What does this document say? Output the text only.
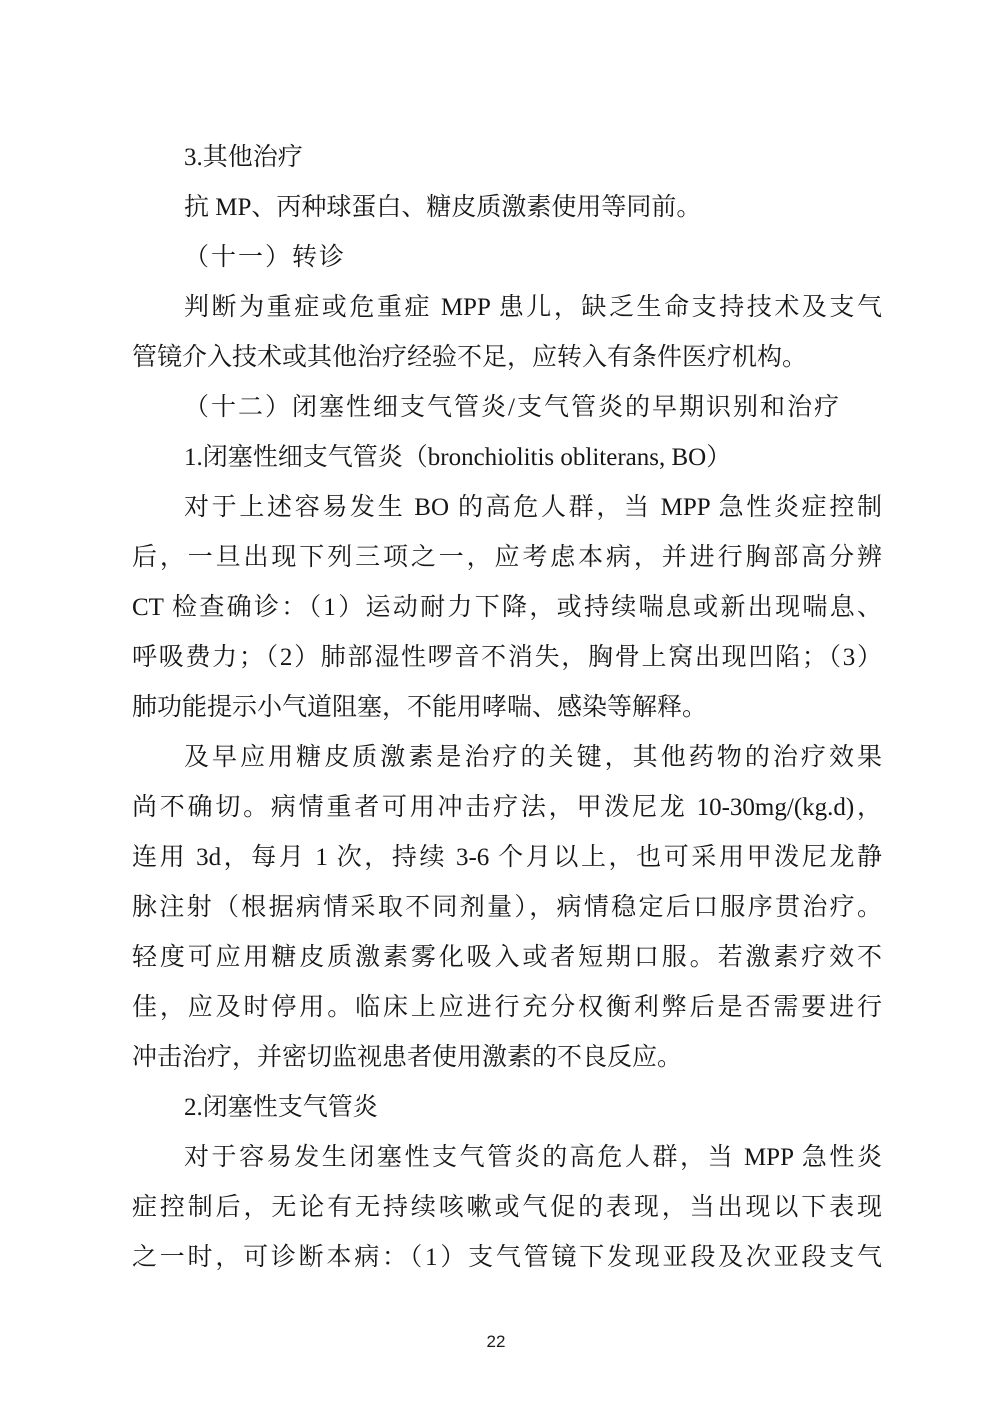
3.其他治疗

抗 MP、丙种球蛋白、糖皮质激素使用等同前。

（十一）转诊

判断为重症或危重症 MPP 患儿，缺乏生命支持技术及支气

管镜介入技术或其他治疗经验不足，应转入有条件医疗机构。

（十二）闭塞性细支气管炎/支气管炎的早期识别和治疗

1.闭塞性细支气管炎（bronchiolitis obliterans, BO）

对于上述容易发生 BO 的高危人群，当 MPP 急性炎症控制

后，一旦出现下列三项之一，应考虑本病，并进行胸部高分辨

CT 检查确诊：（1）运动耐力下降，或持续喘息或新出现喘息、

呼吸费力；（2）肺部湿性啰音不消失，胸骨上窝出现凹陷；（3）

肺功能提示小气道阻塞，不能用哮喘、感染等解释。

及早应用糖皮质激素是治疗的关键，其他药物的治疗效果

尚不确切。病情重者可用冲击疗法，甲泼尼龙 10-30mg/(kg.d)，

连用 3d，每月 1 次，持续 3-6 个月以上，也可采用甲泼尼龙静

脉注射（根据病情采取不同剂量），病情稳定后口服序贯治疗。

轻度可应用糖皮质激素雾化吸入或者短期口服。若激素疗效不

佳，应及时停用。临床上应进行充分权衡利弊后是否需要进行

冲击治疗，并密切监视患者使用激素的不良反应。

2.闭塞性支气管炎

对于容易发生闭塞性支气管炎的高危人群，当 MPP 急性炎

症控制后，无论有无持续咳嗽或气促的表现，当出现以下表现

之一时，可诊断本病：（1）支气管镜下发现亚段及次亚段支气

22
